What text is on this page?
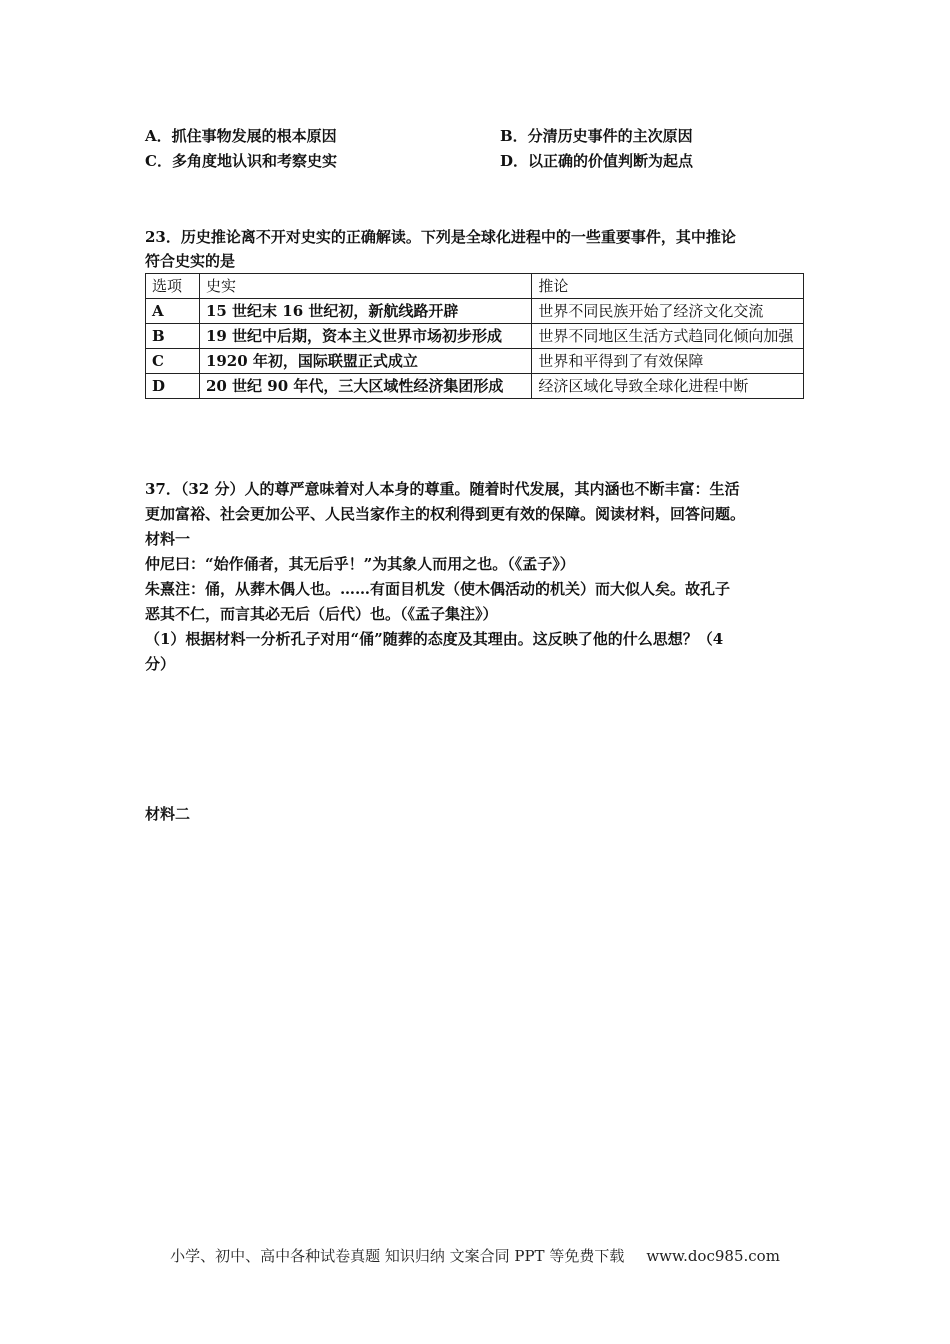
A．抓住事物发展的根本原因	B．分清历史事件的主次原因
C．多角度地认识和考察史实	D．以正确的价值判断为起点
23．历史推论离不开对史实的正确解读。下列是全球化进程中的一些重要事件，其中推论
符合史实的是
选项	史实	推论
A	15 世纪末 16 世纪初，新航线路开辟	世界不同民族开始了经济文化交流
B	19 世纪中后期，资本主义世界市场初步形成	世界不同地区生活方式趋同化倾向加强
C	1920 年初，国际联盟正式成立	世界和平得到了有效保障
D	20 世纪 90 年代，三大区域性经济集团形成	经济区域化导致全球化进程中断
37．（32 分）人的尊严意味着对人本身的尊重。随着时代发展，其内涵也不断丰富：生活
更加富裕、社会更加公平、人民当家作主的权利得到更有效的保障。阅读材料，回答问题。
材料一
仲尼曰：“始作俑者，其无后乎！”为其象人而用之也。（《孟子》）
朱熹注：俑，从葬木偶人也。……有面目机发（使木偶活动的机关）而大似人矣。故孔子
恶其不仁，而言其必无后（后代）也。（《孟子集注》）
（1）根据材料一分析孔子对用“俑”随葬的态度及其理由。这反映了他的什么思想？（4
分）
材料二
小学、初中、高中各种试卷真题 知识归纳 文案合同 PPT 等免费下载 www.doc985.com
